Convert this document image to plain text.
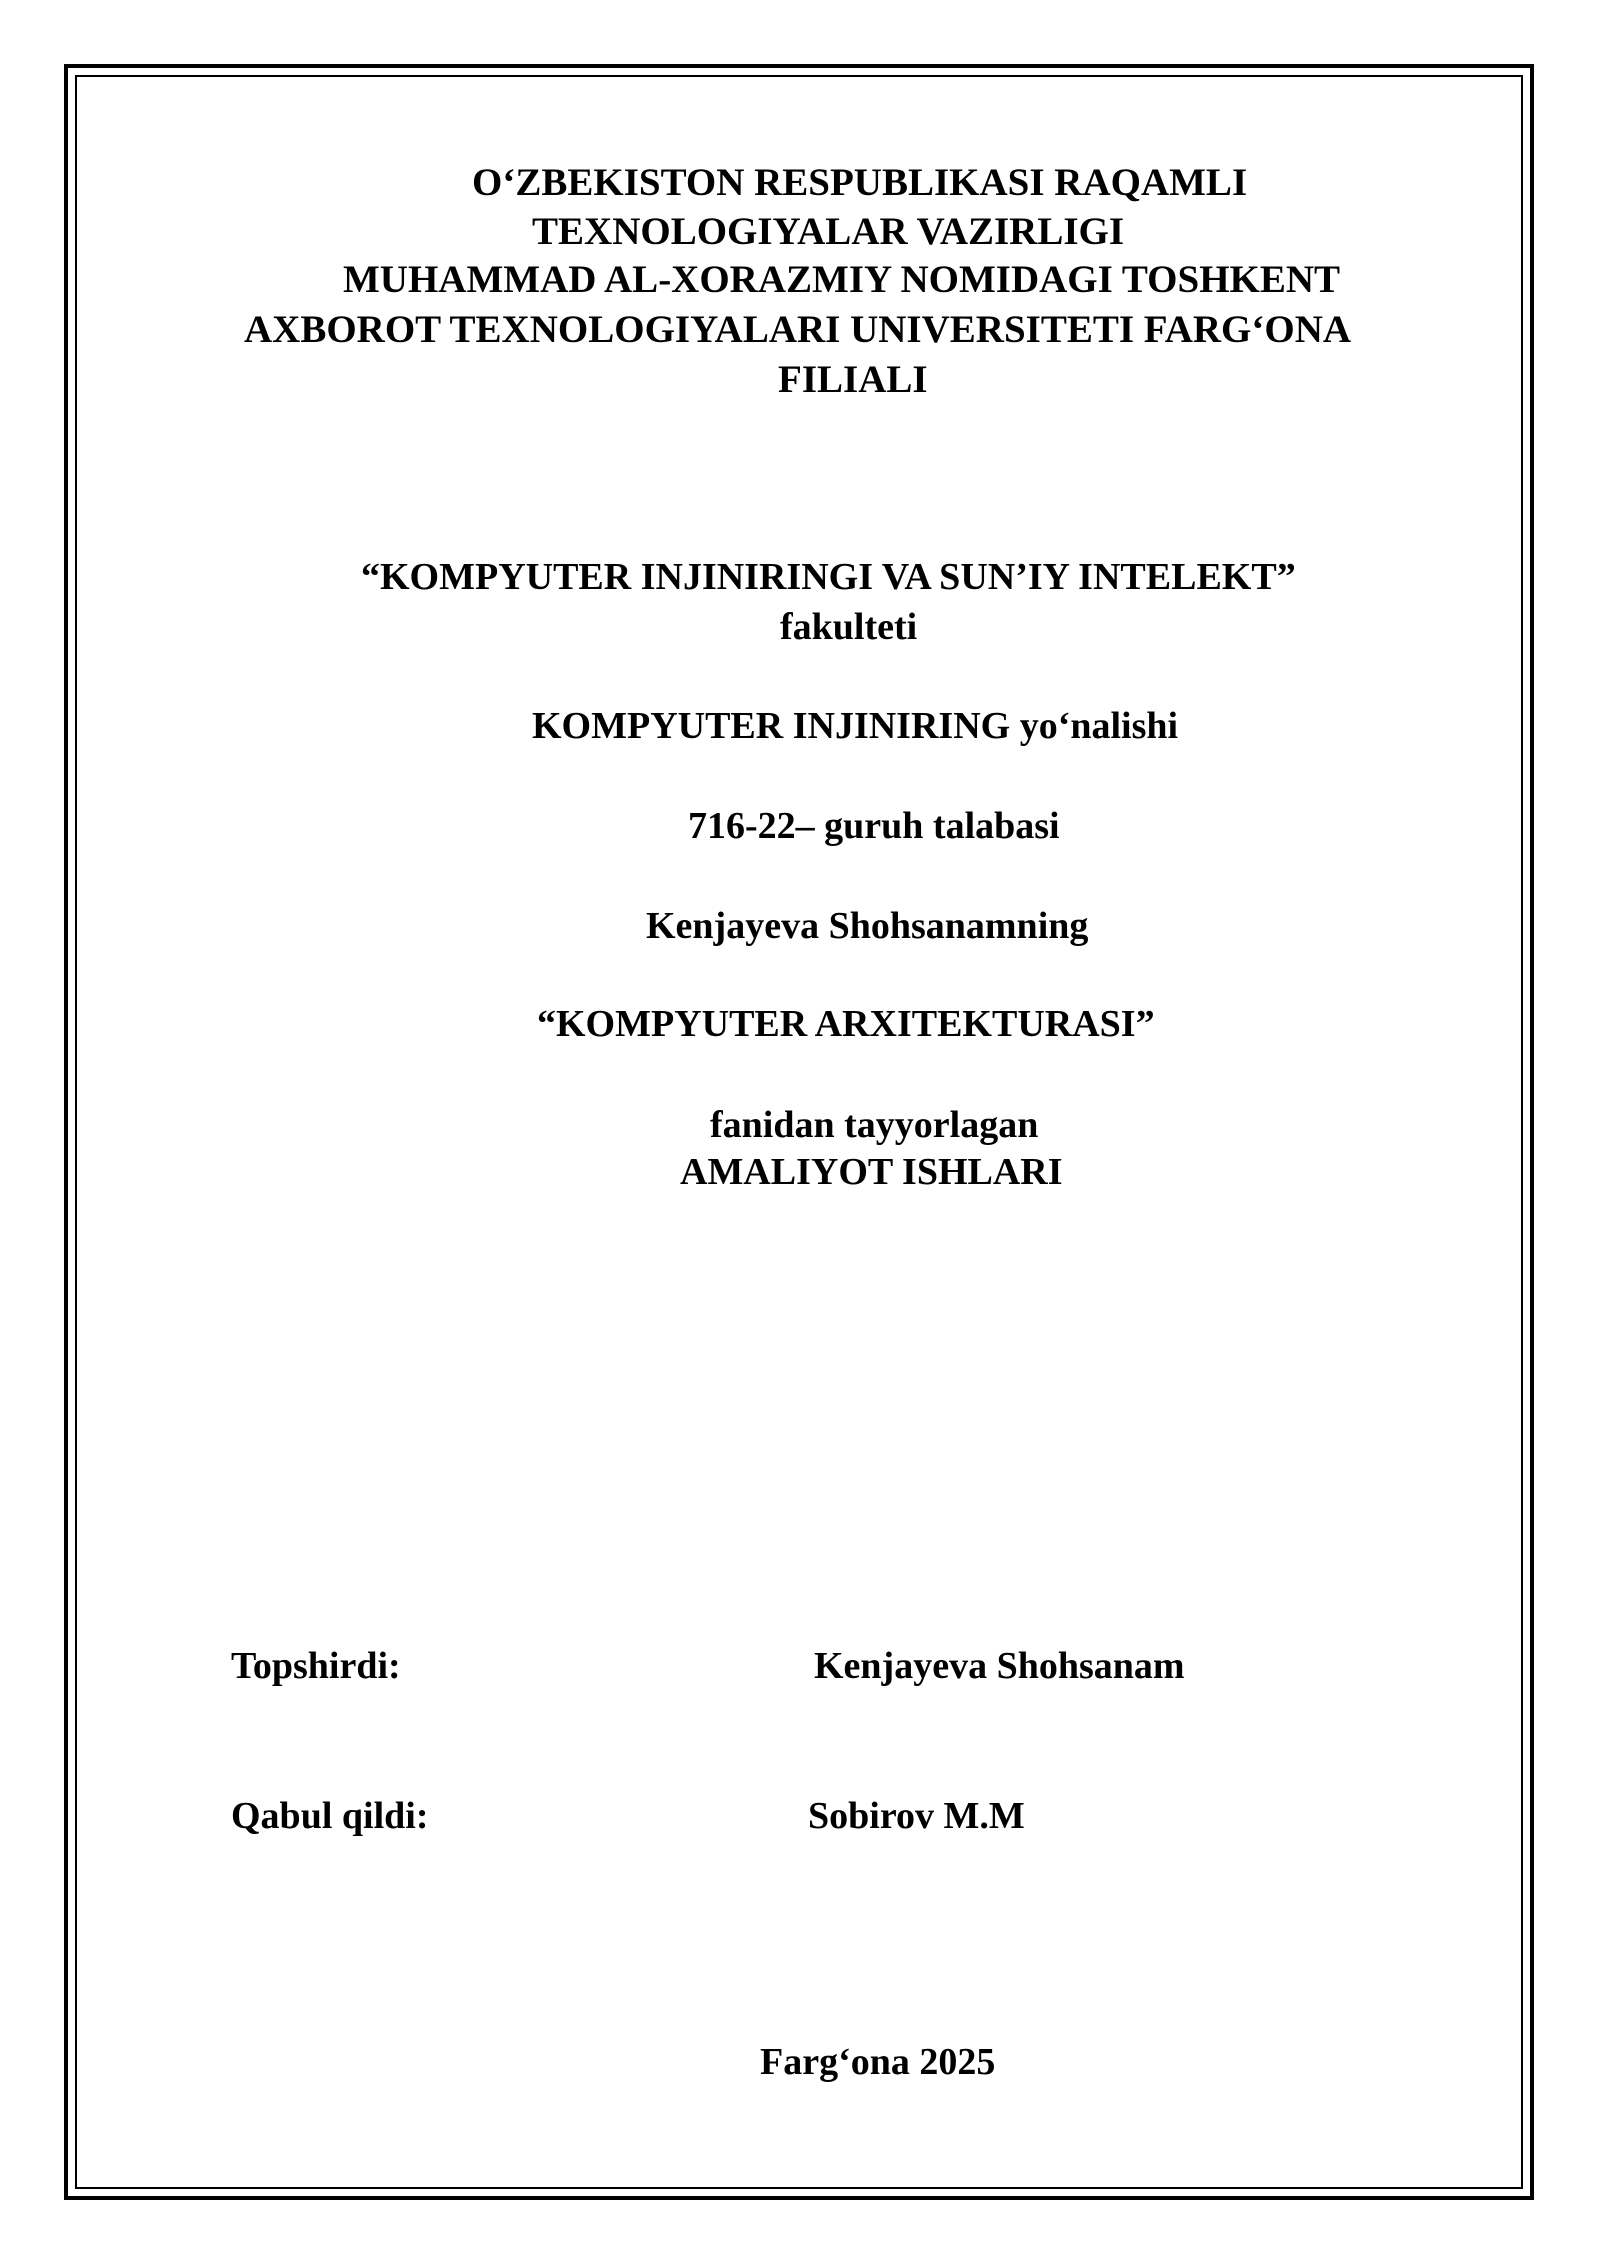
O‘ZBEKISTON RESPUBLIKASI RAQAMLI
TEXNOLOGIYALAR VAZIRLIGI
MUHAMMAD AL-XORAZMIY NOMIDAGI TOSHKENT
AXBOROT TEXNOLOGIYALARI UNIVERSITETI FARG‘ONA
FILIALI
“KOMPYUTER INJINIRINGI VA SUN’IY INTELEKT”
fakulteti
KOMPYUTER INJINIRING yo‘nalishi
716-22– guruh talabasi
Kenjayeva Shohsanamning
“KOMPYUTER ARXITEKTURASI”
fanidan tayyorlagan
AMALIYOT ISHLARI
Topshirdi:	Kenjayeva Shohsanam
Qabul qildi:	Sobirov M.M
Farg‘ona 2025
